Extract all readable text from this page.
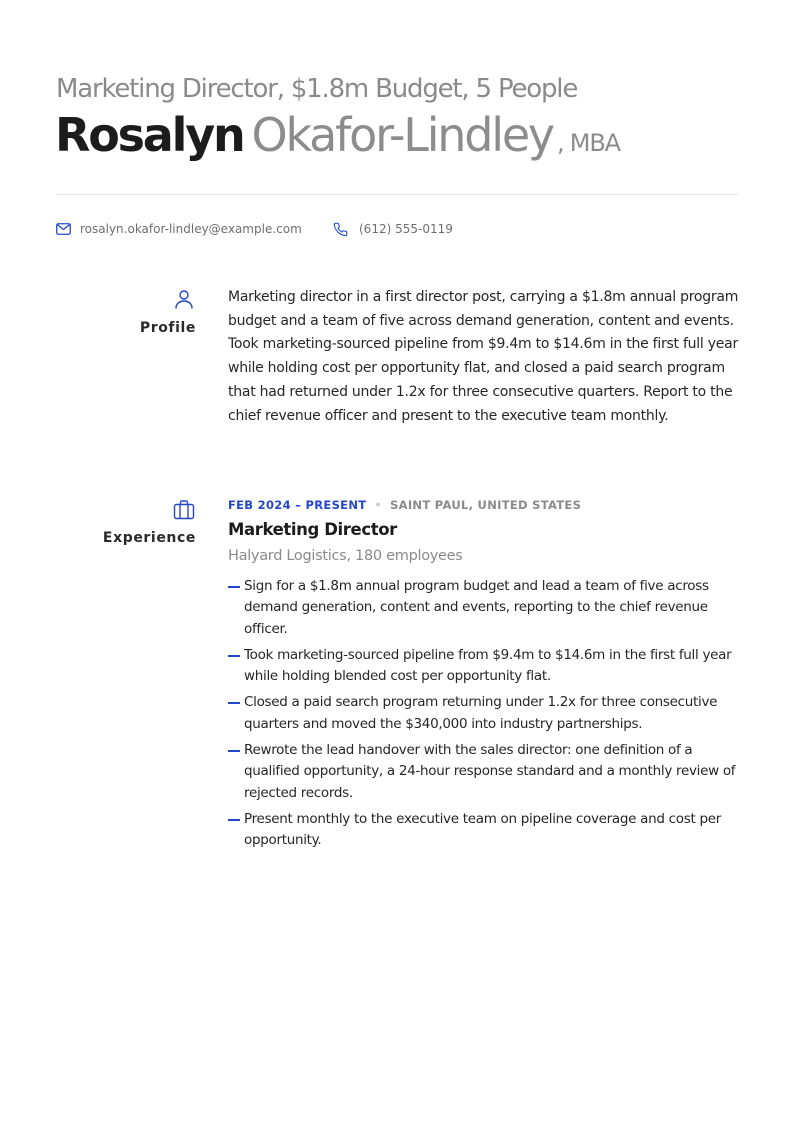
Marketing Director, $1.8m Budget, 5 People
Rosalyn Okafor-Lindley , MBA
rosalyn.okafor-lindley@example.com	(612) 555-0119
Profile
Marketing director in a first director post, carrying a $1.8m annual program budget and a team of five across demand generation, content and events. Took marketing-sourced pipeline from $9.4m to $14.6m in the first full year while holding cost per opportunity flat, and closed a paid search program that had returned under 1.2x for three consecutive quarters. Report to the chief revenue officer and present to the executive team monthly.
Experience
FEB 2024 – PRESENT • SAINT PAUL, UNITED STATES
Marketing Director
Halyard Logistics, 180 employees
Sign for a $1.8m annual program budget and lead a team of five across demand generation, content and events, reporting to the chief revenue officer.
Took marketing-sourced pipeline from $9.4m to $14.6m in the first full year while holding blended cost per opportunity flat.
Closed a paid search program returning under 1.2x for three consecutive quarters and moved the $340,000 into industry partnerships.
Rewrote the lead handover with the sales director: one definition of a qualified opportunity, a 24-hour response standard and a monthly review of rejected records.
Present monthly to the executive team on pipeline coverage and cost per opportunity.
